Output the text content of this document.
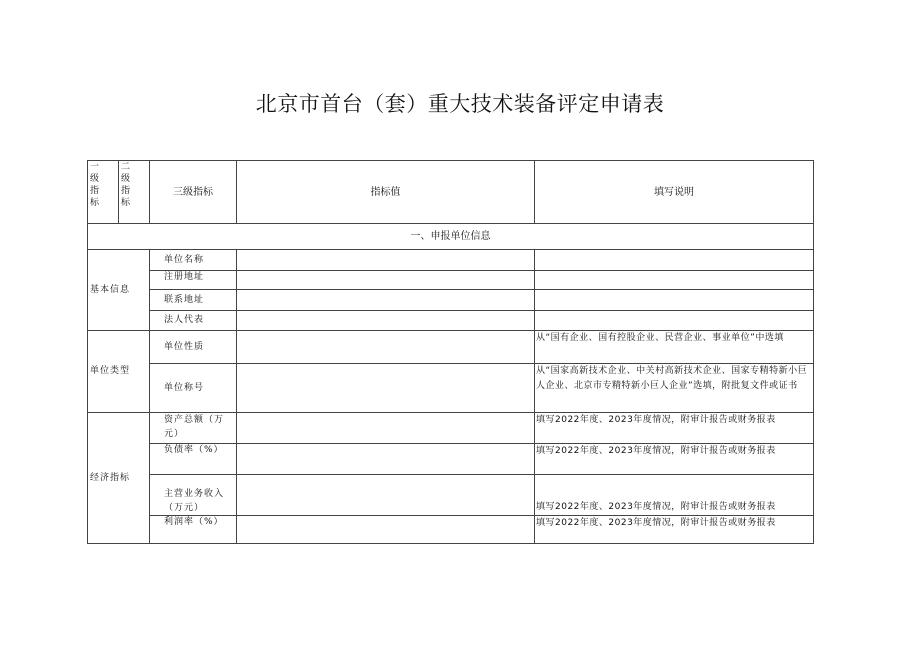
北京市首台（套）重大技术装备评定申请表
一级指标	二级指标	三级指标	指标值	填写说明
一、申报单位信息				
基本信息		单位名称		
		注册地址		
		联系地址		
		法人代表		
单位类型		单位性质		从“国有企业、国有控股企业、民营企业、事业单位”中选填
		单位称号		从“国家高新技术企业、中关村高新技术企业、国家专精特新小巨人企业、北京市专精特新小巨人企业”选填，附批复文件或证书
经济指标		资产总额（万元）		填写2022年度、2023年度情况，附审计报告或财务报表
		负债率（%）		填写2022年度、2023年度情况，附审计报告或财务报表
		主营业务收入（万元）		填写2022年度、2023年度情况，附审计报告或财务报表
		利润率（%）		填写2022年度、2023年度情况，附审计报告或财务报表
